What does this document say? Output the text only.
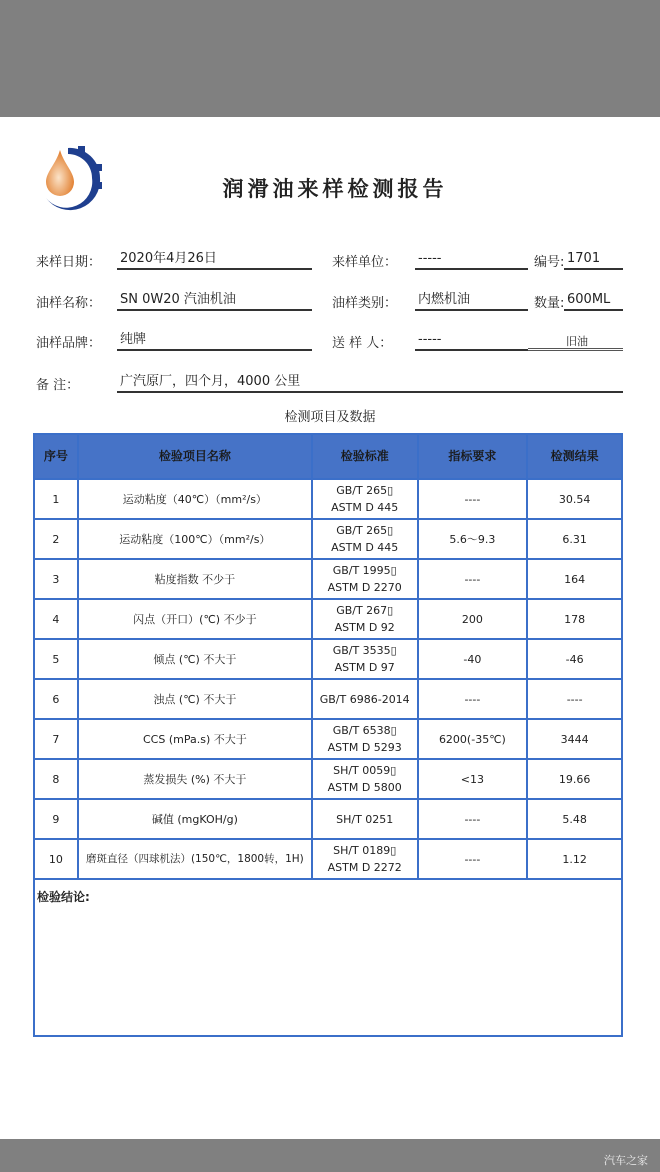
润滑油来样检测报告
来样日期： 2020年4月26日	来样单位： -----	编号: 1701
油样名称： SN 0W20 汽油机油	油样类别： 内燃机油	数量: 600ML
油样品牌： 纯牌	送 样 人： -----	旧油
备 注：	广汽原厂，四个月，4000 公里
检测项目及数据
序号	检验项目名称	检验标准	指标要求	检测结果
1	运动粘度（40℃）（mm²/s）	GB/T 265▯
ASTM D 445	----	30.54
2	运动粘度（100℃）（mm²/s）	GB/T 265▯
ASTM D 445	5.6～9.3	6.31
3	粘度指数 不少于	GB/T 1995▯
ASTM D 2270	----	164
4	闪点（开口）(℃) 不少于	GB/T 267▯
ASTM D 92	200	178
5	倾点 (℃) 不大于	GB/T 3535▯
ASTM D 97	-40	-46
6	浊点 (℃) 不大于	GB/T 6986-2014	----	----
7	CCS (mPa.s) 不大于	GB/T 6538▯
ASTM D 5293	6200(-35℃)	3444
8	蒸发损失 (%) 不大于	SH/T 0059▯
ASTM D 5800	<13	19.66
9	碱值 (mgKOH/g)	SH/T 0251	----	5.48
10	磨斑直径（四球机法）(150℃，1800转，1H)	SH/T 0189▯
ASTM D 2272	----	1.12
检验结论:
汽车之家
